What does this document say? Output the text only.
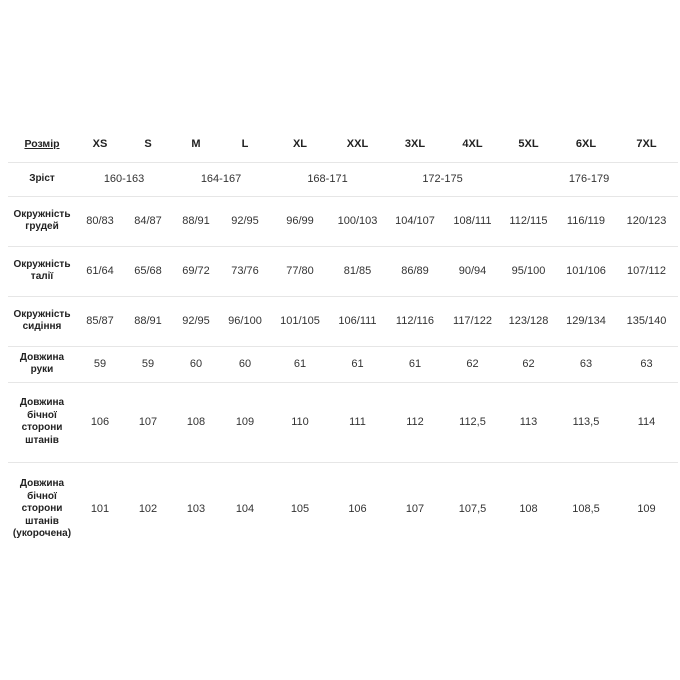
Розмір	XS	S	M	L	XL	XXL	3XL	4XL	5XL	6XL	7XL
Зріст	160-163		164-167		168-171		172-175		176-179		
Окружність грудей	80/83	84/87	88/91	92/95	96/99	100/103	104/107	108/111	112/115	116/119	120/123
Окружність талії	61/64	65/68	69/72	73/76	77/80	81/85	86/89	90/94	95/100	101/106	107/112
Окружність сидіння	85/87	88/91	92/95	96/100	101/105	106/111	112/116	117/122	123/128	129/134	135/140
Довжина руки	59	59	60	60	61	61	61	62	62	63	63
Довжина бічної сторони штанів	106	107	108	109	110	111	112	112,5	113	113,5	114
Довжина бічної сторони штанів (укорочена)	101	102	103	104	105	106	107	107,5	108	108,5	109
